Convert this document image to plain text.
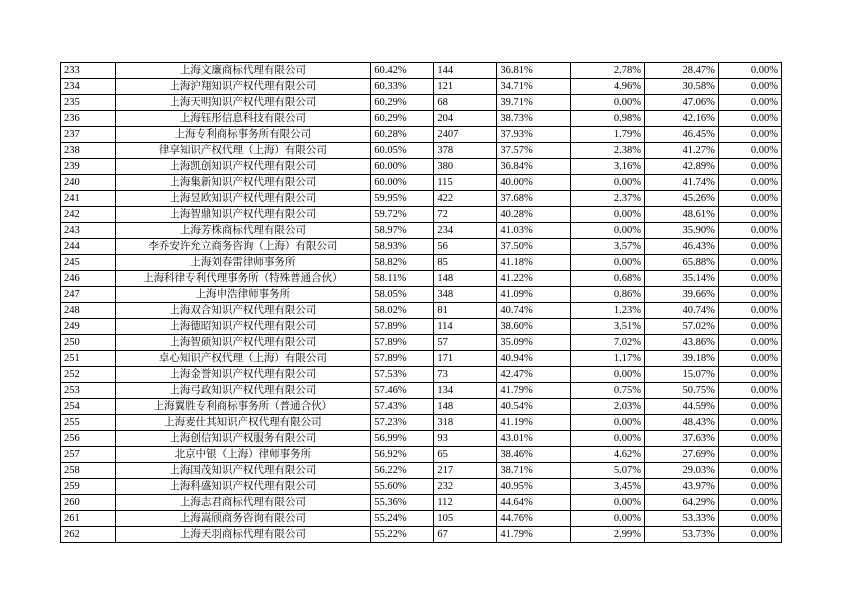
233	上海文廉商标代理有限公司	60.42%	144	36.81%	2.78%	28.47%	0.00%
234	上海沪翔知识产权代理有限公司	60.33%	121	34.71%	4.96%	30.58%	0.00%
235	上海天明知识产权代理有限公司	60.29%	68	39.71%	0.00%	47.06%	0.00%
236	上海钰彤信息科技有限公司	60.29%	204	38.73%	0.98%	42.16%	0.00%
237	上海专利商标事务所有限公司	60.28%	2407	37.93%	1.79%	46.45%	0.00%
238	律享知识产权代理（上海）有限公司	60.05%	378	37.57%	2.38%	41.27%	0.00%
239	上海凯创知识产权代理有限公司	60.00%	380	36.84%	3.16%	42.89%	0.00%
240	上海集新知识产权代理有限公司	60.00%	115	40.00%	0.00%	41.74%	0.00%
241	上海昱欧知识产权代理有限公司	59.95%	422	37.68%	2.37%	45.26%	0.00%
242	上海智鼎知识产权代理有限公司	59.72%	72	40.28%	0.00%	48.61%	0.00%
243	上海芳株商标代理有限公司	58.97%	234	41.03%	0.00%	35.90%	0.00%
244	李乔安许允立商务咨询（上海）有限公司	58.93%	56	37.50%	3.57%	46.43%	0.00%
245	上海刘春雷律师事务所	58.82%	85	41.18%	0.00%	65.88%	0.00%
246	上海科律专利代理事务所（特殊普通合伙）	58.11%	148	41.22%	0.68%	35.14%	0.00%
247	上海申浩律师事务所	58.05%	348	41.09%	0.86%	39.66%	0.00%
248	上海双合知识产权代理有限公司	58.02%	81	40.74%	1.23%	40.74%	0.00%
249	上海德昭知识产权代理有限公司	57.89%	114	38.60%	3.51%	57.02%	0.00%
250	上海智硕知识产权代理有限公司	57.89%	57	35.09%	7.02%	43.86%	0.00%
251	卓心知识产权代理（上海）有限公司	57.89%	171	40.94%	1.17%	39.18%	0.00%
252	上海金誉知识产权代理有限公司	57.53%	73	42.47%	0.00%	15.07%	0.00%
253	上海弓政知识产权代理有限公司	57.46%	134	41.79%	0.75%	50.75%	0.00%
254	上海翼胜专利商标事务所（普通合伙）	57.43%	148	40.54%	2.03%	44.59%	0.00%
255	上海麦仕其知识产权代理有限公司	57.23%	318	41.19%	0.00%	48.43%	0.00%
256	上海创信知识产权服务有限公司	56.99%	93	43.01%	0.00%	37.63%	0.00%
257	北京中银（上海）律师事务所	56.92%	65	38.46%	4.62%	27.69%	0.00%
258	上海国茂知识产权代理有限公司	56.22%	217	38.71%	5.07%	29.03%	0.00%
259	上海科盛知识产权代理有限公司	55.60%	232	40.95%	3.45%	43.97%	0.00%
260	上海志君商标代理有限公司	55.36%	112	44.64%	0.00%	64.29%	0.00%
261	上海嵩颀商务咨询有限公司	55.24%	105	44.76%	0.00%	53.33%	0.00%
262	上海天羽商标代理有限公司	55.22%	67	41.79%	2.99%	53.73%	0.00%
